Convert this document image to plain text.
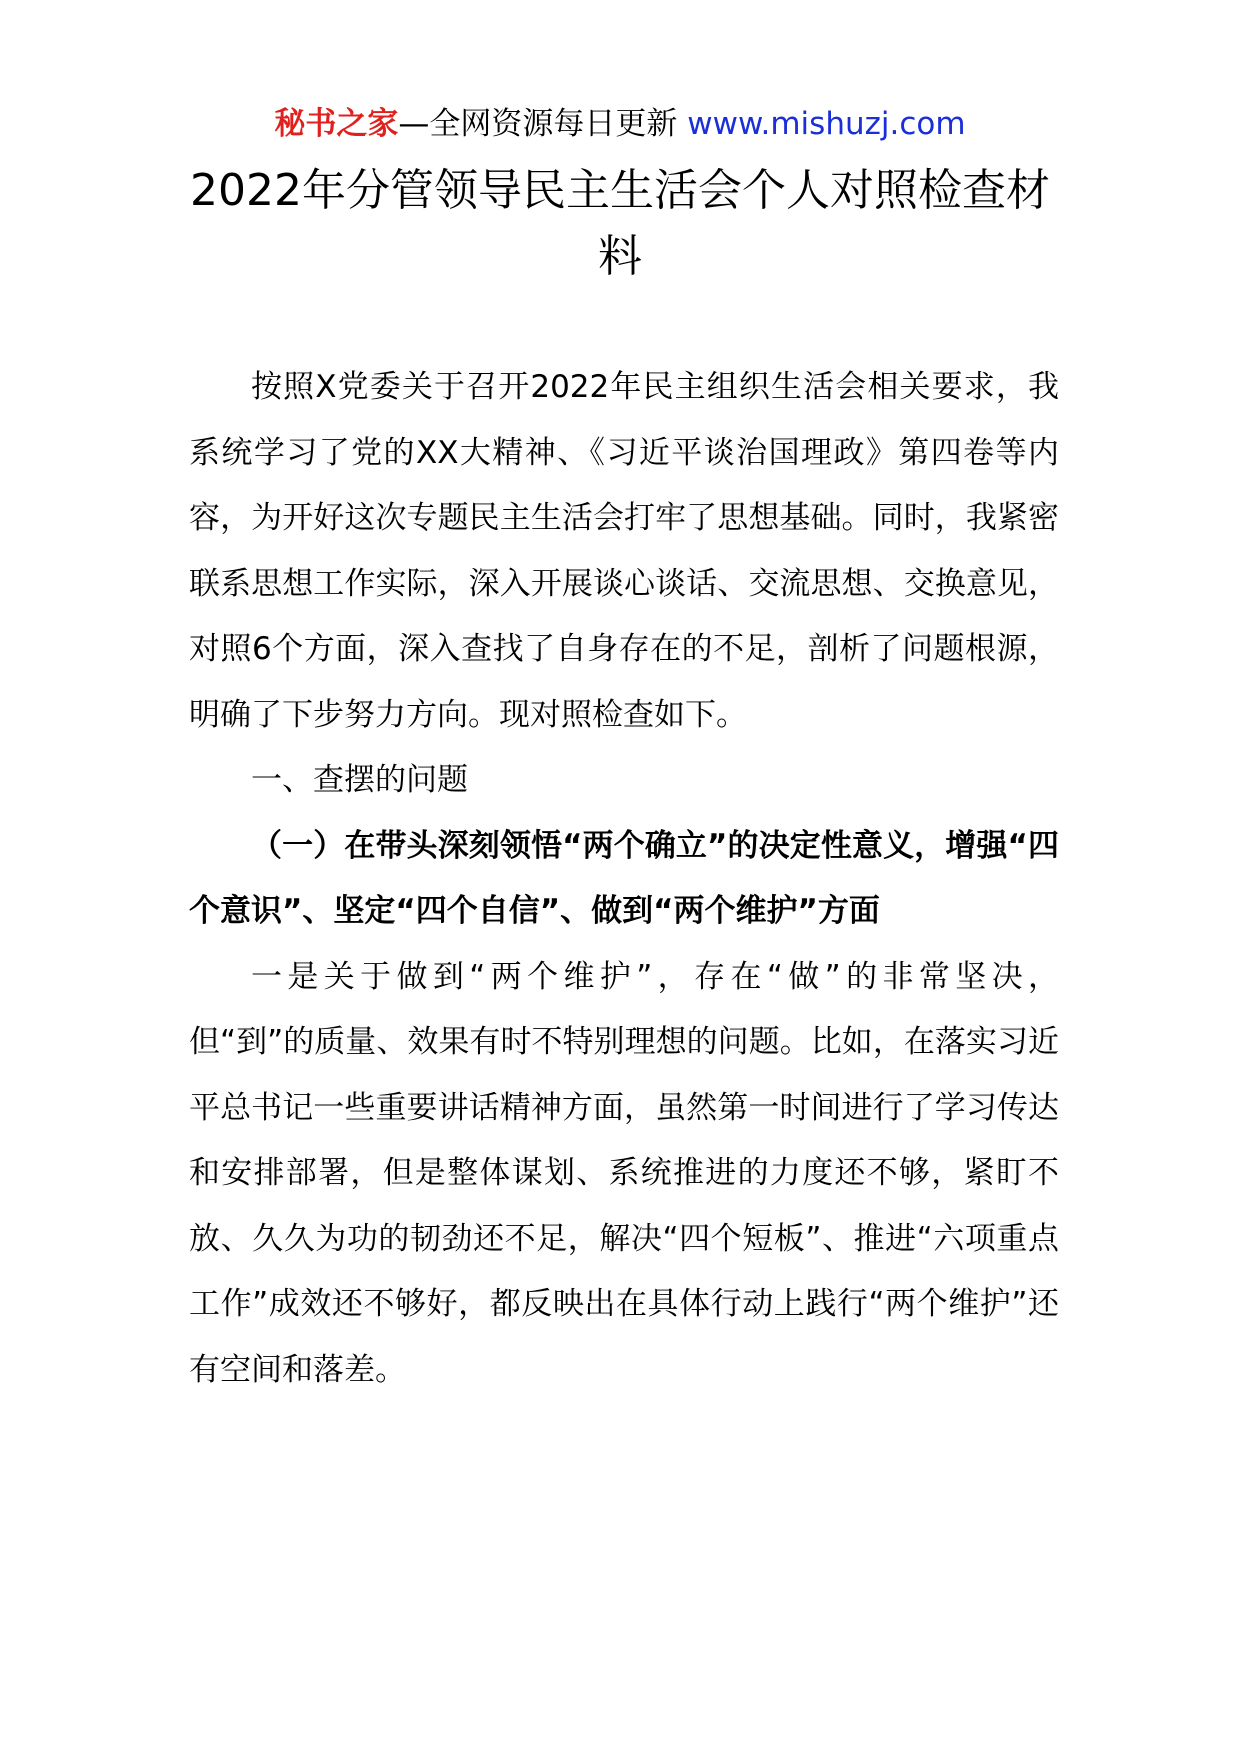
秘书之家—全网资源每日更新 www.mishuzj.com
2022年分管领导民主生活会个人对照检查材料

按照X党委关于召开2022年民主组织生活会相关要求，我系统学习了党的XX大精神、《习近平谈治国理政》第四卷等内容，为开好这次专题民主生活会打牢了思想基础。同时，我紧密联系思想工作实际，深入开展谈心谈话、交流思想、交换意见，对照6个方面，深入查找了自身存在的不足，剖析了问题根源，明确了下步努力方向。现对照检查如下。

一、查摆的问题

（一）在带头深刻领悟“两个确立”的决定性意义，增强“四个意识”、坚定“四个自信”、做到“两个维护”方面

一是关于做到“两个维护”，存在“做”的非常坚决，但“到”的质量、效果有时不特别理想的问题。比如，在落实习近平总书记一些重要讲话精神方面，虽然第一时间进行了学习传达和安排部署，但是整体谋划、系统推进的力度还不够，紧盯不放、久久为功的韧劲还不足，解决“四个短板”、推进“六项重点工作”成效还不够好，都反映出在具体行动上践行“两个维护”还有空间和落差。
